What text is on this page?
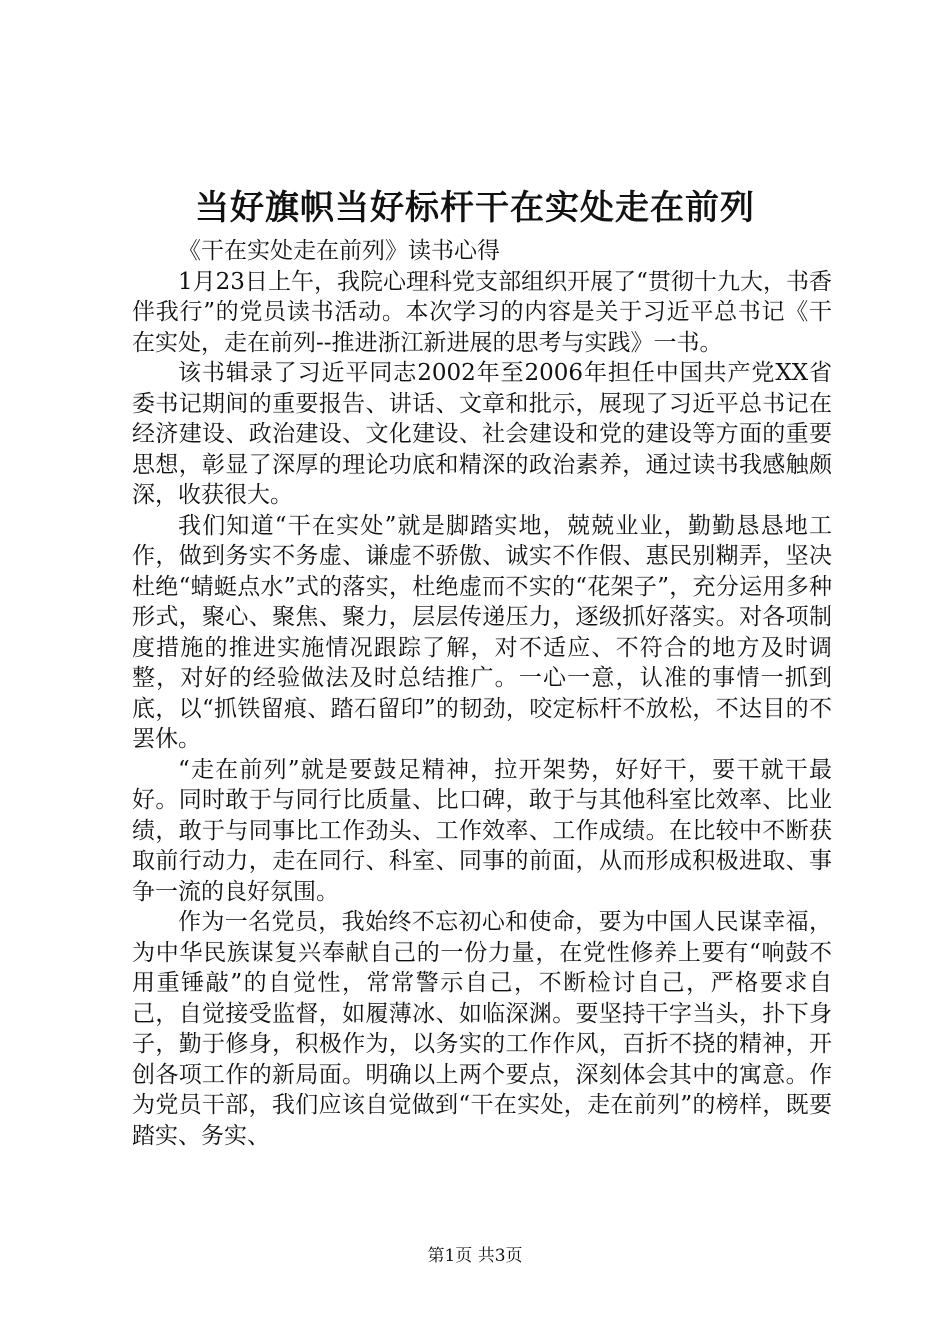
当好旗帜当好标杆干在实处走在前列

《干在实处走在前列》读书心得

1月23日上午，我院心理科党支部组织开展了“贯彻十九大，书香伴我行”的党员读书活动。本次学习的内容是关于习近平总书记《干在实处，走在前列--推进浙江新进展的思考与实践》一书。

该书辑录了习近平同志2002年至2006年担任中国共产党XX省委书记期间的重要报告、讲话、文章和批示，展现了习近平总书记在经济建设、政治建设、文化建设、社会建设和党的建设等方面的重要思想，彰显了深厚的理论功底和精深的政治素养，通过读书我感触颇深，收获很大。

我们知道“干在实处”就是脚踏实地，兢兢业业，勤勤恳恳地工作，做到务实不务虚、谦虚不骄傲、诚实不作假、惠民别糊弄，坚决杜绝“蜻蜓点水”式的落实，杜绝虚而不实的“花架子”，充分运用多种形式，聚心、聚焦、聚力，层层传递压力，逐级抓好落实。对各项制度措施的推进实施情况跟踪了解，对不适应、不符合的地方及时调整，对好的经验做法及时总结推广。一心一意，认准的事情一抓到底，以“抓铁留痕、踏石留印”的韧劲，咬定标杆不放松，不达目的不罢休。

“走在前列”就是要鼓足精神，拉开架势，好好干，要干就干最好。同时敢于与同行比质量、比口碑，敢于与其他科室比效率、比业绩，敢于与同事比工作劲头、工作效率、工作成绩。在比较中不断获取前行动力，走在同行、科室、同事的前面，从而形成积极进取、事争一流的良好氛围。

作为一名党员，我始终不忘初心和使命，要为中国人民谋幸福，为中华民族谋复兴奉献自己的一份力量，在党性修养上要有“响鼓不用重锤敲”的自觉性，常常警示自己，不断检讨自己，严格要求自己，自觉接受监督，如履薄冰、如临深渊。要坚持干字当头，扑下身子，勤于修身，积极作为，以务实的工作作风，百折不挠的精神，开创各项工作的新局面。明确以上两个要点，深刻体会其中的寓意。作为党员干部，我们应该自觉做到“干在实处，走在前列”的榜样，既要踏实、务实、

第1页 共3页
